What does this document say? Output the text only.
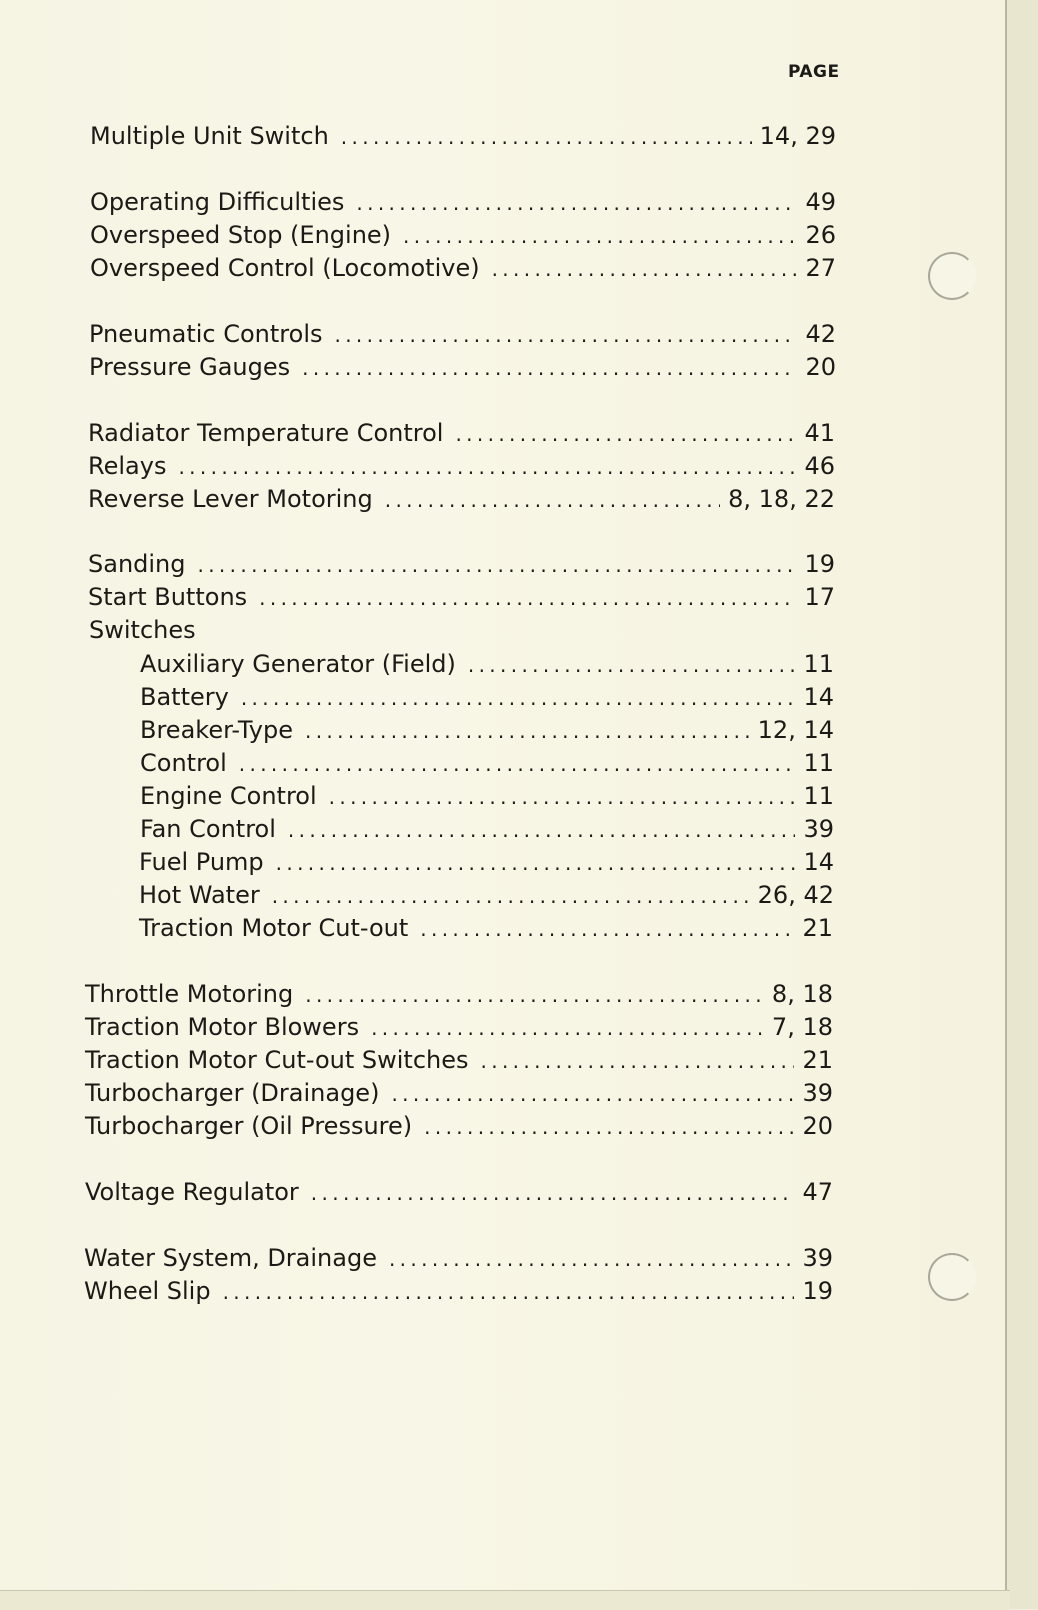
PAGE
Multiple Unit Switch . . .	14, 29
Operating Difficulties . . .	49
Overspeed Stop (Engine) . . .	26
Overspeed Control (Locomotive) . . .	27
Pneumatic Controls . . .	42
Pressure Gauges . . .	20
Radiator Temperature Control . . .	41
Relays . . .	46
Reverse Lever Motoring . . .	8, 18, 22
Sanding . . .	19
Start Buttons . . .	17
Switches
Auxiliary Generator (Field) . . .	11
Battery . . .	14
Breaker-Type . . .	12, 14
Control . . .	11
Engine Control . . .	11
Fan Control . . .	39
Fuel Pump . . .	14
Hot Water . . .	26, 42
Traction Motor Cut-out . . .	21
Throttle Motoring . . .	8, 18
Traction Motor Blowers . . .	7, 18
Traction Motor Cut-out Switches . . .	21
Turbocharger (Drainage) . . .	39
Turbocharger (Oil Pressure) . . .	20
Voltage Regulator . . .	47
Water System, Drainage . . .	39
Wheel Slip . . .	19
